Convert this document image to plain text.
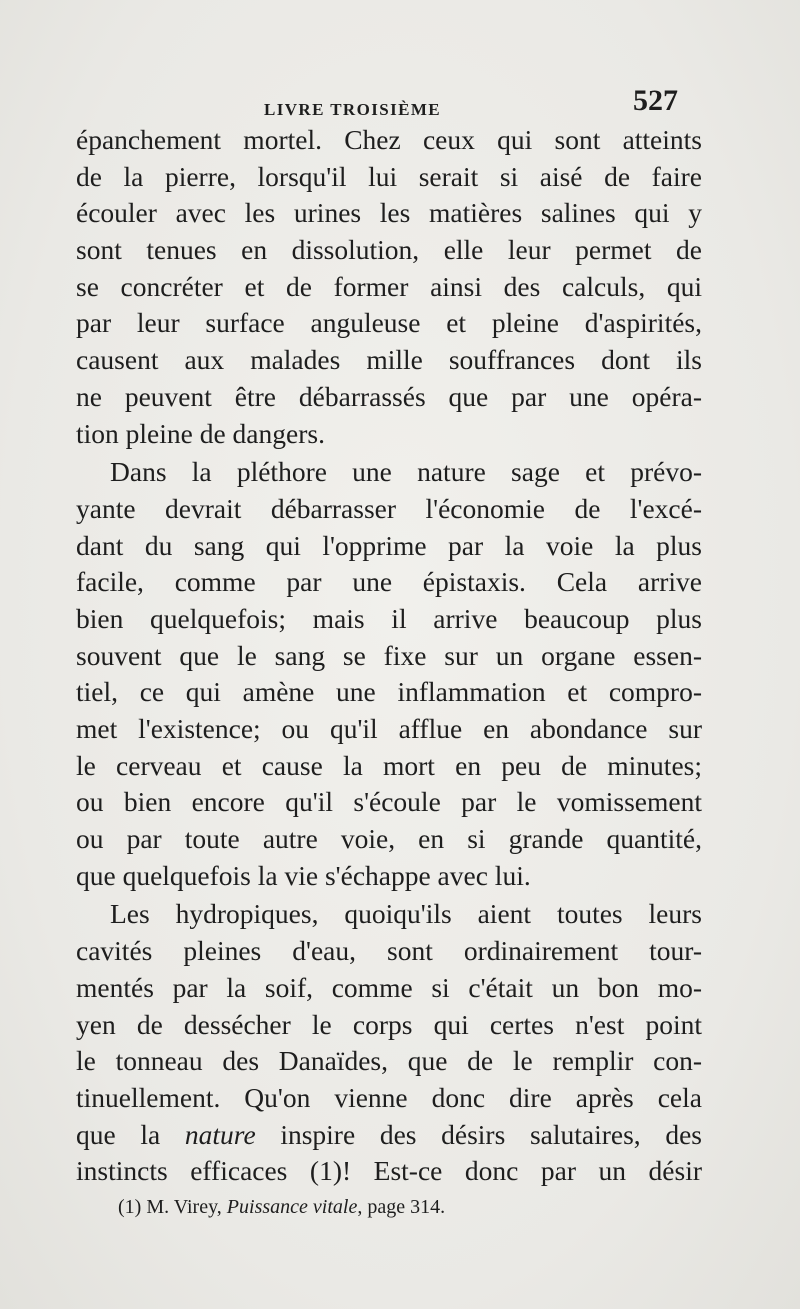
LIVRE TROISIÈME	527
épanchement mortel. Chez ceux qui sont atteints
de la pierre, lorsqu'il lui serait si aisé de faire
écouler avec les urines les matières salines qui y
sont tenues en dissolution, elle leur permet de
se concréter et de former ainsi des calculs, qui
par leur surface anguleuse et pleine d'aspirités,
causent aux malades mille souffrances dont ils
ne peuvent être débarrassés que par une opéra-
tion pleine de dangers.
Dans la pléthore une nature sage et prévo-
yante devrait débarrasser l'économie de l'excé-
dant du sang qui l'opprime par la voie la plus
facile, comme par une épistaxis. Cela arrive
bien quelquefois; mais il arrive beaucoup plus
souvent que le sang se fixe sur un organe essen-
tiel, ce qui amène une inflammation et compro-
met l'existence; ou qu'il afflue en abondance sur
le cerveau et cause la mort en peu de minutes;
ou bien encore qu'il s'écoule par le vomissement
ou par toute autre voie, en si grande quantité,
que quelquefois la vie s'échappe avec lui.
Les hydropiques, quoiqu'ils aient toutes leurs
cavités pleines d'eau, sont ordinairement tour-
mentés par la soif, comme si c'était un bon mo-
yen de dessécher le corps qui certes n'est point
le tonneau des Danaïdes, que de le remplir con-
tinuellement. Qu'on vienne donc dire après cela
que la nature inspire des désirs salutaires, des
instincts efficaces (1)! Est-ce donc par un désir
(1) M. Virey, Puissance vitale, page 314.
